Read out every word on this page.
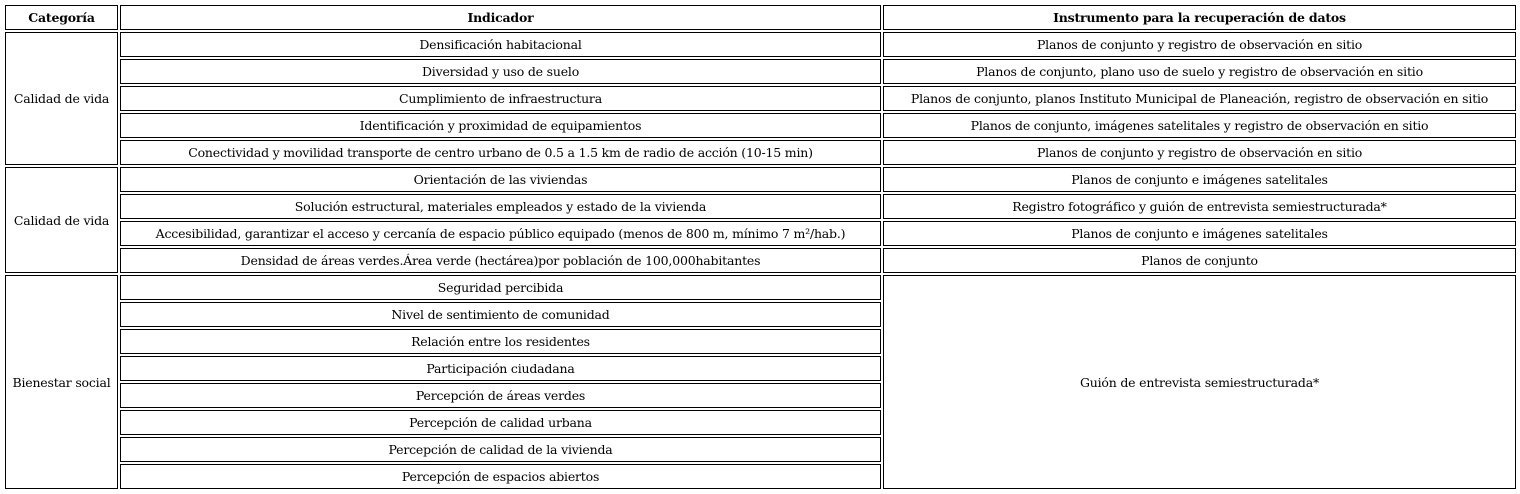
Categoría	Indicador	Instrumento para la recuperación de datos
Calidad de vida	Densificación habitacional	Planos de conjunto y registro de observación en sitio
	Diversidad y uso de suelo	Planos de conjunto, plano uso de suelo y registro de observación en sitio
	Cumplimiento de infraestructura	Planos de conjunto, planos Instituto Municipal de Planeación, registro de observación en sitio
	Identificación y proximidad de equipamientos	Planos de conjunto, imágenes satelitales y registro de observación en sitio
	Conectividad y movilidad transporte de centro urbano de 0.5 a 1.5 km de radio de acción (10-15 min)	Planos de conjunto y registro de observación en sitio
Calidad de vida	Orientación de las viviendas	Planos de conjunto e imágenes satelitales
	Solución estructural, materiales empleados y estado de la vivienda	Registro fotográfico y guión de entrevista semiestructurada*
	Accesibilidad, garantizar el acceso y cercanía de espacio público equipado (menos de 800 m, mínimo 7 m²/hab.)	Planos de conjunto e imágenes satelitales
	Densidad de áreas verdes.Área verde (hectárea)por población de 100,000habitantes	Planos de conjunto
Bienestar social	Seguridad percibida	Guión de entrevista semiestructurada*
	Nivel de sentimiento de comunidad	
	Relación entre los residentes	
	Participación ciudadana	
	Percepción de áreas verdes	
	Percepción de calidad urbana	
	Percepción de calidad de la vivienda	
	Percepción de espacios abiertos	
